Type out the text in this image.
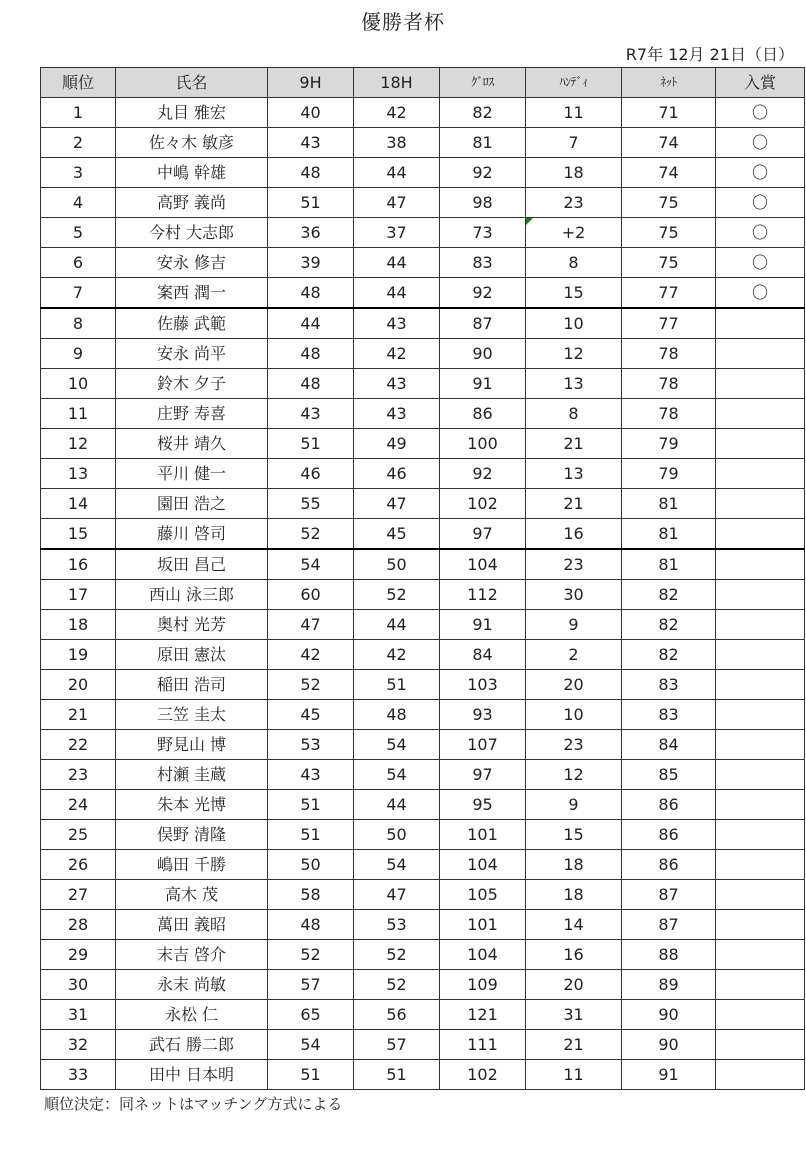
優勝者杯
R7年 12月 21日（日）
順位	氏名	9H	18H	ｸﾞﾛｽ	ﾊﾝﾃﾞｨ	ﾈｯﾄ	入賞
1	丸目 雅宏	40	42	82	11	71	〇
2	佐々木 敏彦	43	38	81	7	74	〇
3	中嶋 幹雄	48	44	92	18	74	〇
4	高野 義尚	51	47	98	23	75	〇
5	今村 大志郎	36	37	73	+2	75	〇
6	安永 修吉	39	44	83	8	75	〇
7	案西 潤一	48	44	92	15	77	〇
8	佐藤 武範	44	43	87	10	77	
9	安永 尚平	48	42	90	12	78	
10	鈴木 夕子	48	43	91	13	78	
11	庄野 寿喜	43	43	86	8	78	
12	桜井 靖久	51	49	100	21	79	
13	平川 健一	46	46	92	13	79	
14	園田 浩之	55	47	102	21	81	
15	藤川 啓司	52	45	97	16	81	
16	坂田 昌己	54	50	104	23	81	
17	西山 泳三郎	60	52	112	30	82	
18	奥村 光芳	47	44	91	9	82	
19	原田 憲汰	42	42	84	2	82	
20	稲田 浩司	52	51	103	20	83	
21	三笠 圭太	45	48	93	10	83	
22	野見山 博	53	54	107	23	84	
23	村瀬 圭蔵	43	54	97	12	85	
24	朱本 光博	51	44	95	9	86	
25	俣野 清隆	51	50	101	15	86	
26	嶋田 千勝	50	54	104	18	86	
27	高木 茂	58	47	105	18	87	
28	萬田 義昭	48	53	101	14	87	
29	末吉 啓介	52	52	104	16	88	
30	永末 尚敏	57	52	109	20	89	
31	永松 仁	65	56	121	31	90	
32	武石 勝二郎	54	57	111	21	90	
33	田中 日本明	51	51	102	11	91	
順位決定：同ネットはマッチング方式による
